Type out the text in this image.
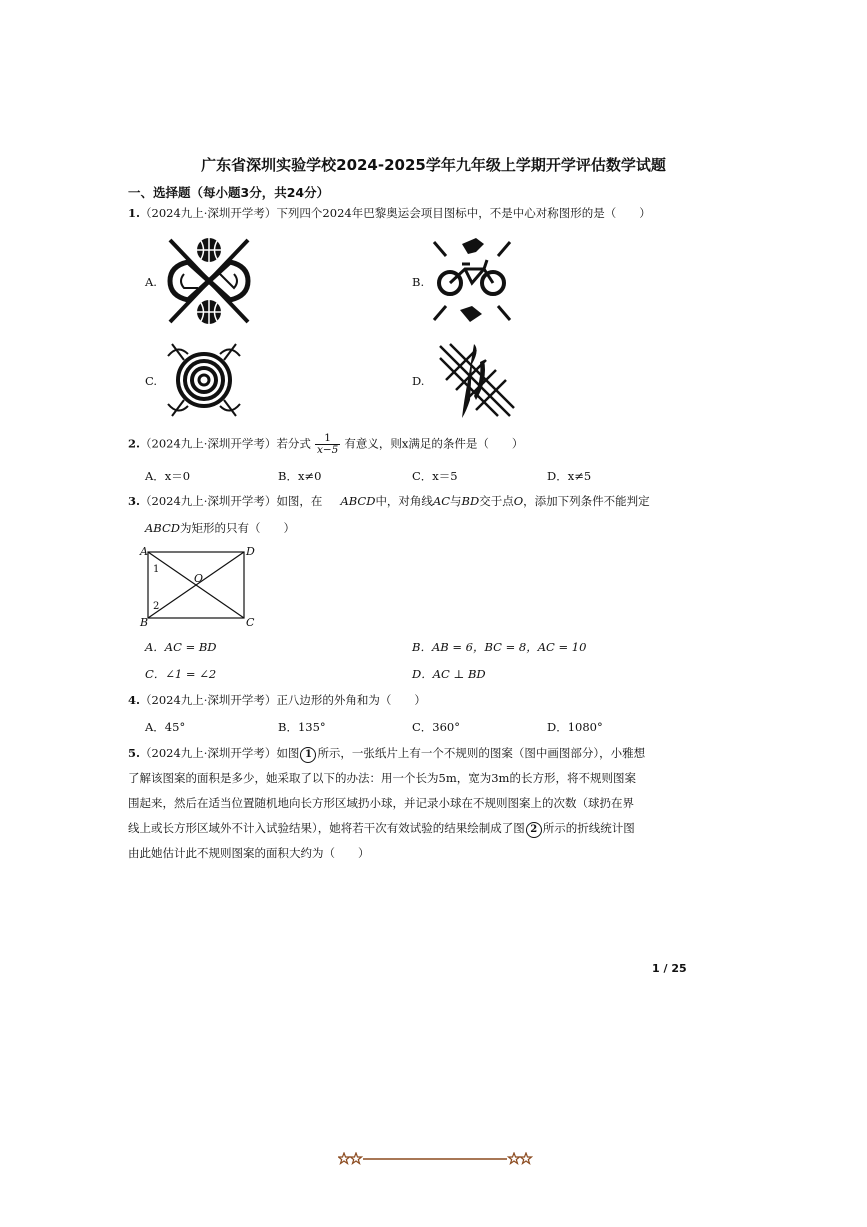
广东省深圳实验学校2024-2025学年九年级上学期开学评估数学试题
一、选择题（每小题3分，共24分）
1.（2024九上·深圳开学考）下列四个2024年巴黎奥运会项目图标中，不是中心对称图形的是（　　）
A.	B.
C.	D.
2.（2024九上·深圳开学考）若分式 $\frac{1}{x-5}$ 有意义，则x满足的条件是（　　）
A．x＝0	B．x≠0	C．x＝5	D．x≠5
3.（2024九上·深圳开学考）如图，在 ABCD中，对角线AC与BD交于点O，添加下列条件不能判定
ABCD为矩形的只有（　　）
A
B	C
D
O
1
2
A．AC = BD	B．AB = 6，BC = 8，AC = 10
C．∠1 = ∠2	D．AC ⊥ BD
4.（2024九上·深圳开学考）正八边形的外角和为（　　）
A．45°	B．135°	C．360°	D．1080°
5.（2024九上·深圳开学考）如图 1 所示，一张纸片上有一个不规则的图案（图中画图部分），小雅想
了解该图案的面积是多少，她采取了以下的办法：用一个长为5m，宽为3m的长方形，将不规则图案
围起来，然后在适当位置随机地向长方形区域扔小球，并记录小球在不规则图案上的次数（球扔在界
线上或长方形区域外不计入试验结果），她将若干次有效试验的结果绘制成了图 2 所示的折线统计图
由此她估计此不规则图案的面积大约为（　　）
1 / 25
